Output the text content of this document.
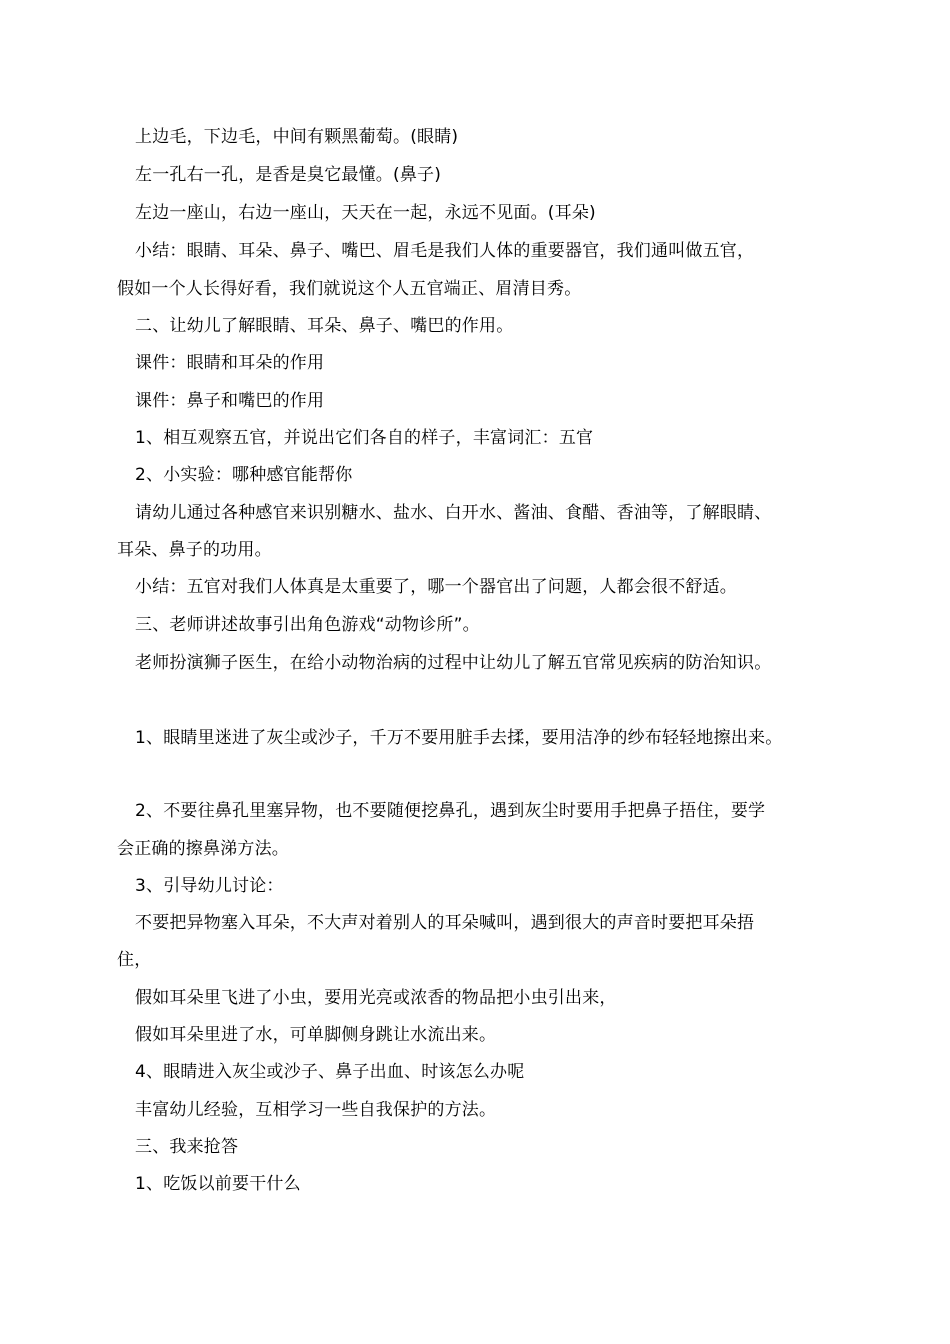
上边毛，下边毛，中间有颗黑葡萄。(眼睛)
左一孔右一孔，是香是臭它最懂。(鼻子)
左边一座山，右边一座山，天天在一起，永远不见面。(耳朵)
小结：眼睛、耳朵、鼻子、嘴巴、眉毛是我们人体的重要器官，我们通叫做五官，
假如一个人长得好看，我们就说这个人五官端正、眉清目秀。
二、让幼儿了解眼睛、耳朵、鼻子、嘴巴的作用。
课件：眼睛和耳朵的作用
课件：鼻子和嘴巴的作用
1、相互观察五官，并说出它们各自的样子，丰富词汇：五官
2、小实验：哪种感官能帮你
请幼儿通过各种感官来识别糖水、盐水、白开水、酱油、食醋、香油等，了解眼睛、
耳朵、鼻子的功用。
小结：五官对我们人体真是太重要了，哪一个器官出了问题，人都会很不舒适。
三、老师讲述故事引出角色游戏“动物诊所”。
老师扮演狮子医生，在给小动物治病的过程中让幼儿了解五官常见疾病的防治知识。
1、眼睛里迷进了灰尘或沙子，千万不要用脏手去揉，要用洁净的纱布轻轻地擦出来。
2、不要往鼻孔里塞异物，也不要随便挖鼻孔，遇到灰尘时要用手把鼻子捂住，要学
会正确的擦鼻涕方法。
3、引导幼儿讨论：
不要把异物塞入耳朵，不大声对着别人的耳朵喊叫，遇到很大的声音时要把耳朵捂
住，
假如耳朵里飞进了小虫，要用光亮或浓香的物品把小虫引出来，
假如耳朵里进了水，可单脚侧身跳让水流出来。
4、眼睛进入灰尘或沙子、鼻子出血、时该怎么办呢
丰富幼儿经验，互相学习一些自我保护的方法。
三、我来抢答
1、吃饭以前要干什么
